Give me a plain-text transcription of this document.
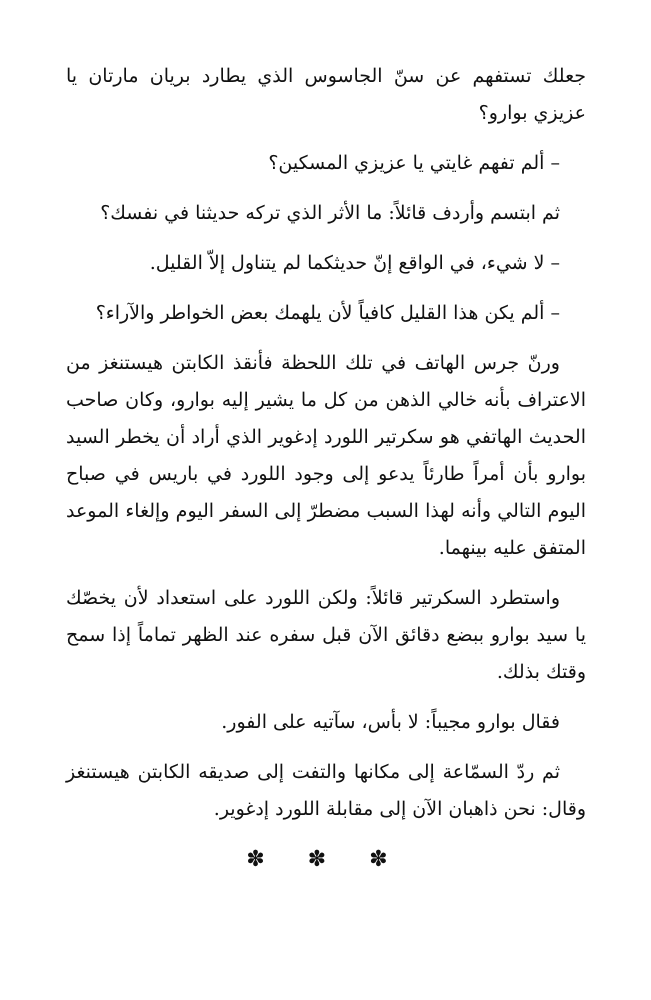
جعلك تستفهم عن سنّ الجاسوس الذي يطارد بريان مارتان يا عزيزي بوارو؟

– ألم تفهم غايتي يا عزيزي المسكين؟

ثم ابتسم وأردف قائلاً: ما الأثر الذي تركه حديثنا في نفسك؟

– لا شيء، في الواقع إنّ حديثكما لم يتناول إلاّ القليل.

– ألم يكن هذا القليل كافياً لأن يلهمك بعض الخواطر والآراء؟

ورنّ جرس الهاتف في تلك اللحظة فأنقذ الكابتن هيستنغز من الاعتراف بأنه خالي الذهن من كل ما يشير إليه بوارو، وكان صاحب الحديث الهاتفي هو سكرتير اللورد إدغوير الذي أراد أن يخطر السيد بوارو بأن أمراً طارئاً يدعو إلى وجود اللورد في باريس في صباح اليوم التالي وأنه لهذا السبب مضطرّ إلى السفر اليوم وإلغاء الموعد المتفق عليه بينهما.

واستطرد السكرتير قائلاً: ولكن اللورد على استعداد لأن يخصّك يا سيد بوارو ببضع دقائق الآن قبل سفره عند الظهر تماماً إذا سمح وقتك بذلك.

فقال بوارو مجيباً: لا بأس، سآتيه على الفور.

ثم ردّ السمّاعة إلى مكانها والتفت إلى صديقه الكابتن هيستنغز وقال: نحن ذاهبان الآن إلى مقابلة اللورد إدغوير.

✽ ✽ ✽
